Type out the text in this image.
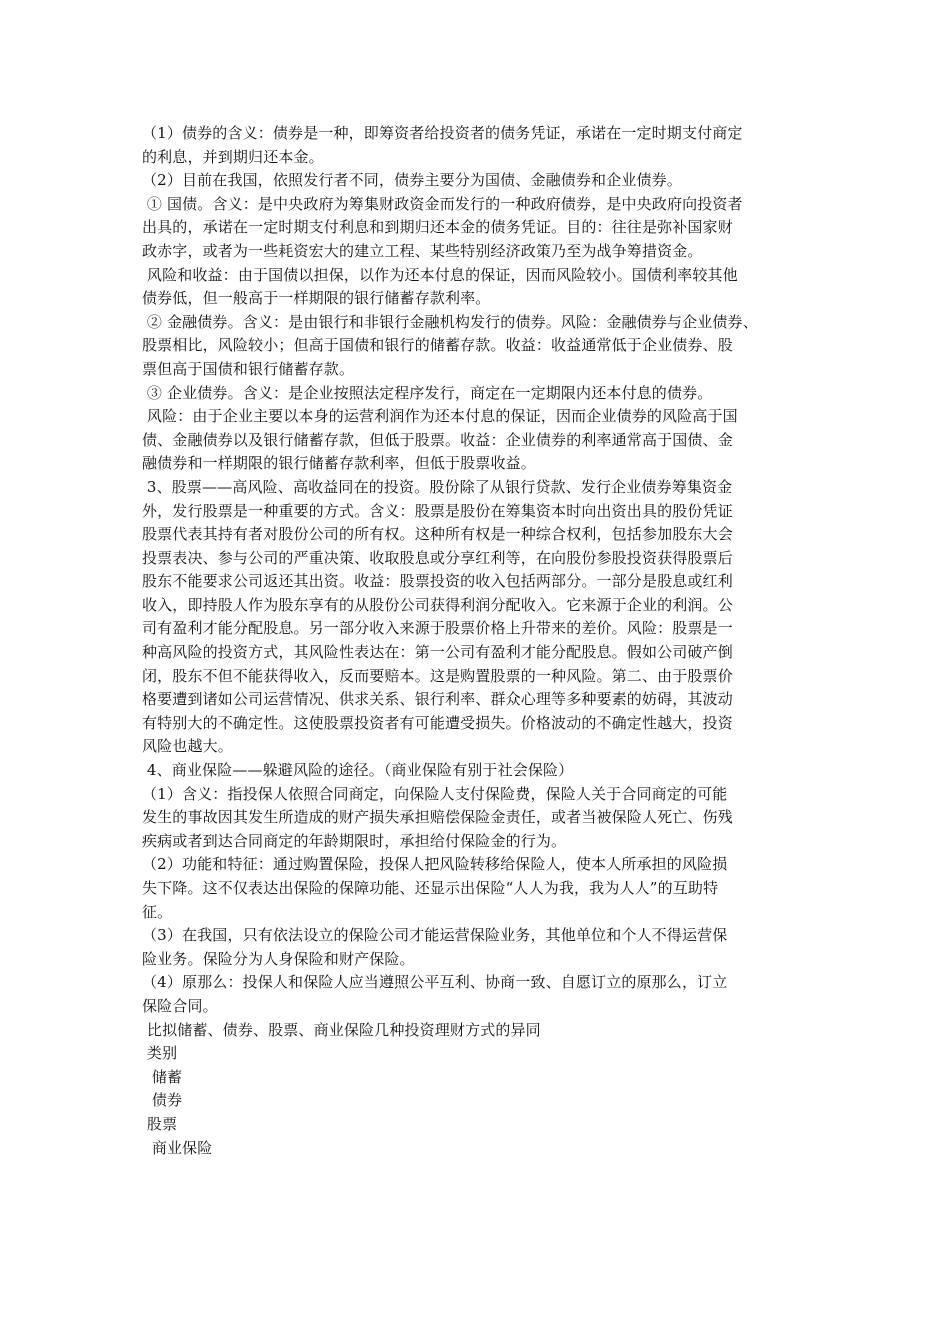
（1）债券的含义：债券是一种，即筹资者给投资者的债务凭证，承诺在一定时期支付商定
的利息，并到期归还本金。
（2）目前在我国，依照发行者不同，债券主要分为国债、金融债券和企业债券。
① 国债。含义：是中央政府为筹集财政资金而发行的一种政府债券，是中央政府向投资者
出具的，承诺在一定时期支付利息和到期归还本金的债务凭证。目的：往往是弥补国家财
政赤字，或者为一些耗资宏大的建立工程、某些特别经济政策乃至为战争筹措资金。
风险和收益：由于国债以担保，以作为还本付息的保证，因而风险较小。国债利率较其他
债券低，但一般高于一样期限的银行储蓄存款利率。
② 金融债券。含义：是由银行和非银行金融机构发行的债券。风险：金融债券与企业债券、
股票相比，风险较小；但高于国债和银行的储蓄存款。收益：收益通常低于企业债券、股
票但高于国债和银行储蓄存款。
③ 企业债券。含义：是企业按照法定程序发行，商定在一定期限内还本付息的债券。
风险：由于企业主要以本身的运营利润作为还本付息的保证，因而企业债券的风险高于国
债、金融债券以及银行储蓄存款，但低于股票。收益：企业债券的利率通常高于国债、金
融债券和一样期限的银行储蓄存款利率，但低于股票收益。
3、股票——高风险、高收益同在的投资。股份除了从银行贷款、发行企业债券筹集资金
外，发行股票是一种重要的方式。含义：股票是股份在筹集资本时向出资出具的股份凭证
股票代表其持有者对股份公司的所有权。这种所有权是一种综合权利，包括参加股东大会
投票表决、参与公司的严重决策、收取股息或分享红利等，在向股份参股投资获得股票后
股东不能要求公司返还其出资。收益：股票投资的收入包括两部分。一部分是股息或红利
收入，即持股人作为股东享有的从股份公司获得利润分配收入。它来源于企业的利润。公
司有盈利才能分配股息。另一部分收入来源于股票价格上升带来的差价。风险：股票是一
种高风险的投资方式，其风险性表达在：第一公司有盈利才能分配股息。假如公司破产倒
闭，股东不但不能获得收入，反而要赔本。这是购置股票的一种风险。第二、由于股票价
格要遭到诸如公司运营情况、供求关系、银行利率、群众心理等多种要素的妨碍，其波动
有特别大的不确定性。这使股票投资者有可能遭受损失。价格波动的不确定性越大，投资
风险也越大。
4、商业保险——躲避风险的途径。（商业保险有别于社会保险）
（1）含义：指投保人依照合同商定，向保险人支付保险费，保险人关于合同商定的可能
发生的事故因其发生所造成的财产损失承担赔偿保险金责任，或者当被保险人死亡、伤残
疾病或者到达合同商定的年龄期限时，承担给付保险金的行为。
（2）功能和特征：通过购置保险，投保人把风险转移给保险人，使本人所承担的风险损
失下降。这不仅表达出保险的保障功能、还显示出保险“人人为我，我为人人”的互助特
征。
（3）在我国，只有依法设立的保险公司才能运营保险业务，其他单位和个人不得运营保
险业务。保险分为人身保险和财产保险。
（4）原那么：投保人和保险人应当遵照公平互利、协商一致、自愿订立的原那么，订立
保险合同。
比拟储蓄、债券、股票、商业保险几种投资理财方式的异同
类别
储蓄
债券
股票
商业保险
